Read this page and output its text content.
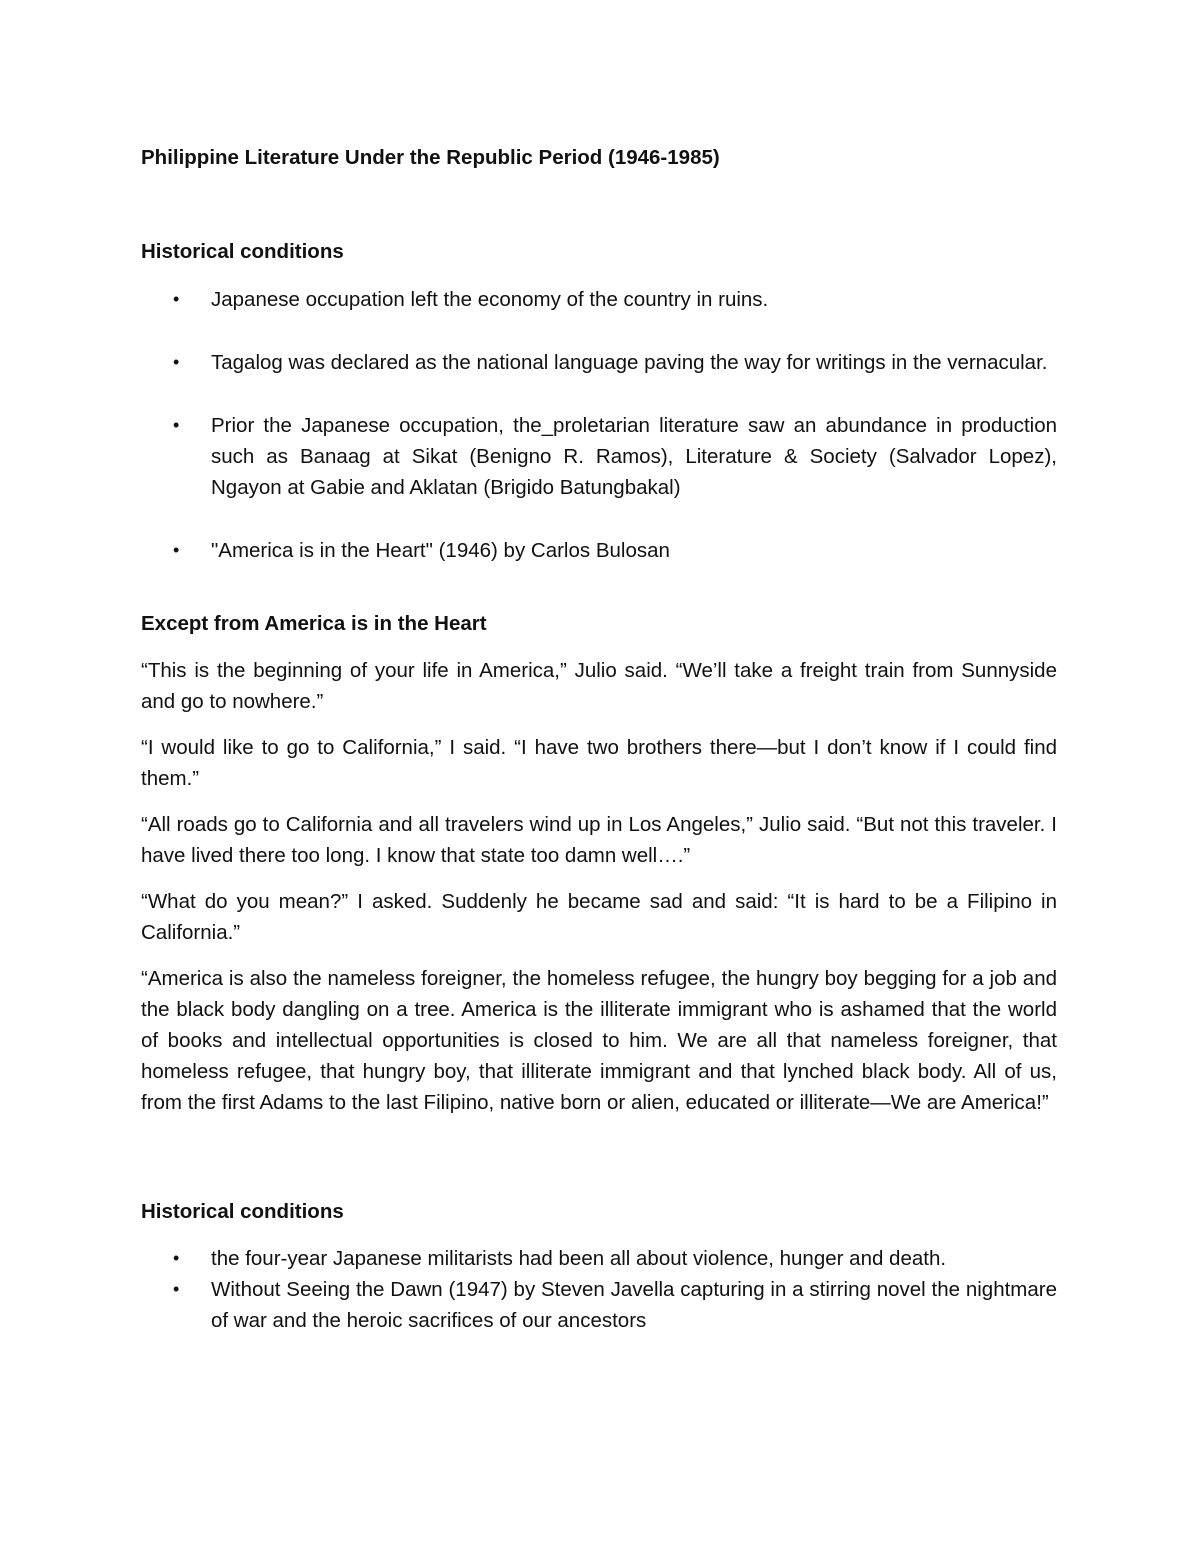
Philippine Literature Under the Republic Period (1946-1985)

Historical conditions

•	Japanese occupation left the economy of the country in ruins.
•	Tagalog was declared as the national language paving the way for writings in the vernacular.
•	Prior the Japanese occupation, the_proletarian literature saw an abundance in production such as Banaag at Sikat (Benigno R. Ramos), Literature & Society (Salvador Lopez), Ngayon at Gabie and Aklatan (Brigido Batungbakal)
•	"America is in the Heart" (1946) by Carlos Bulosan

Except from America is in the Heart

“This is the beginning of your life in America,” Julio said. “We’ll take a freight train from Sunnyside and go to nowhere.”

“I would like to go to California,” I said. “I have two brothers there—but I don’t know if I could find them.”

“All roads go to California and all travelers wind up in Los Angeles,” Julio said. “But not this traveler. I have lived there too long. I know that state too damn well….”

“What do you mean?” I asked. Suddenly he became sad and said: “It is hard to be a Filipino in California.”

“America is also the nameless foreigner, the homeless refugee, the hungry boy begging for a job and the black body dangling on a tree. America is the illiterate immigrant who is ashamed that the world of books and intellectual opportunities is closed to him. We are all that nameless foreigner, that homeless refugee, that hungry boy, that illiterate immigrant and that lynched black body. All of us, from the first Adams to the last Filipino, native born or alien, educated or illiterate—We are America!”

Historical conditions

•	the four-year Japanese militarists had been all about violence, hunger and death.
•	Without Seeing the Dawn (1947) by Steven Javella capturing in a stirring novel the nightmare of war and the heroic sacrifices of our ancestors
